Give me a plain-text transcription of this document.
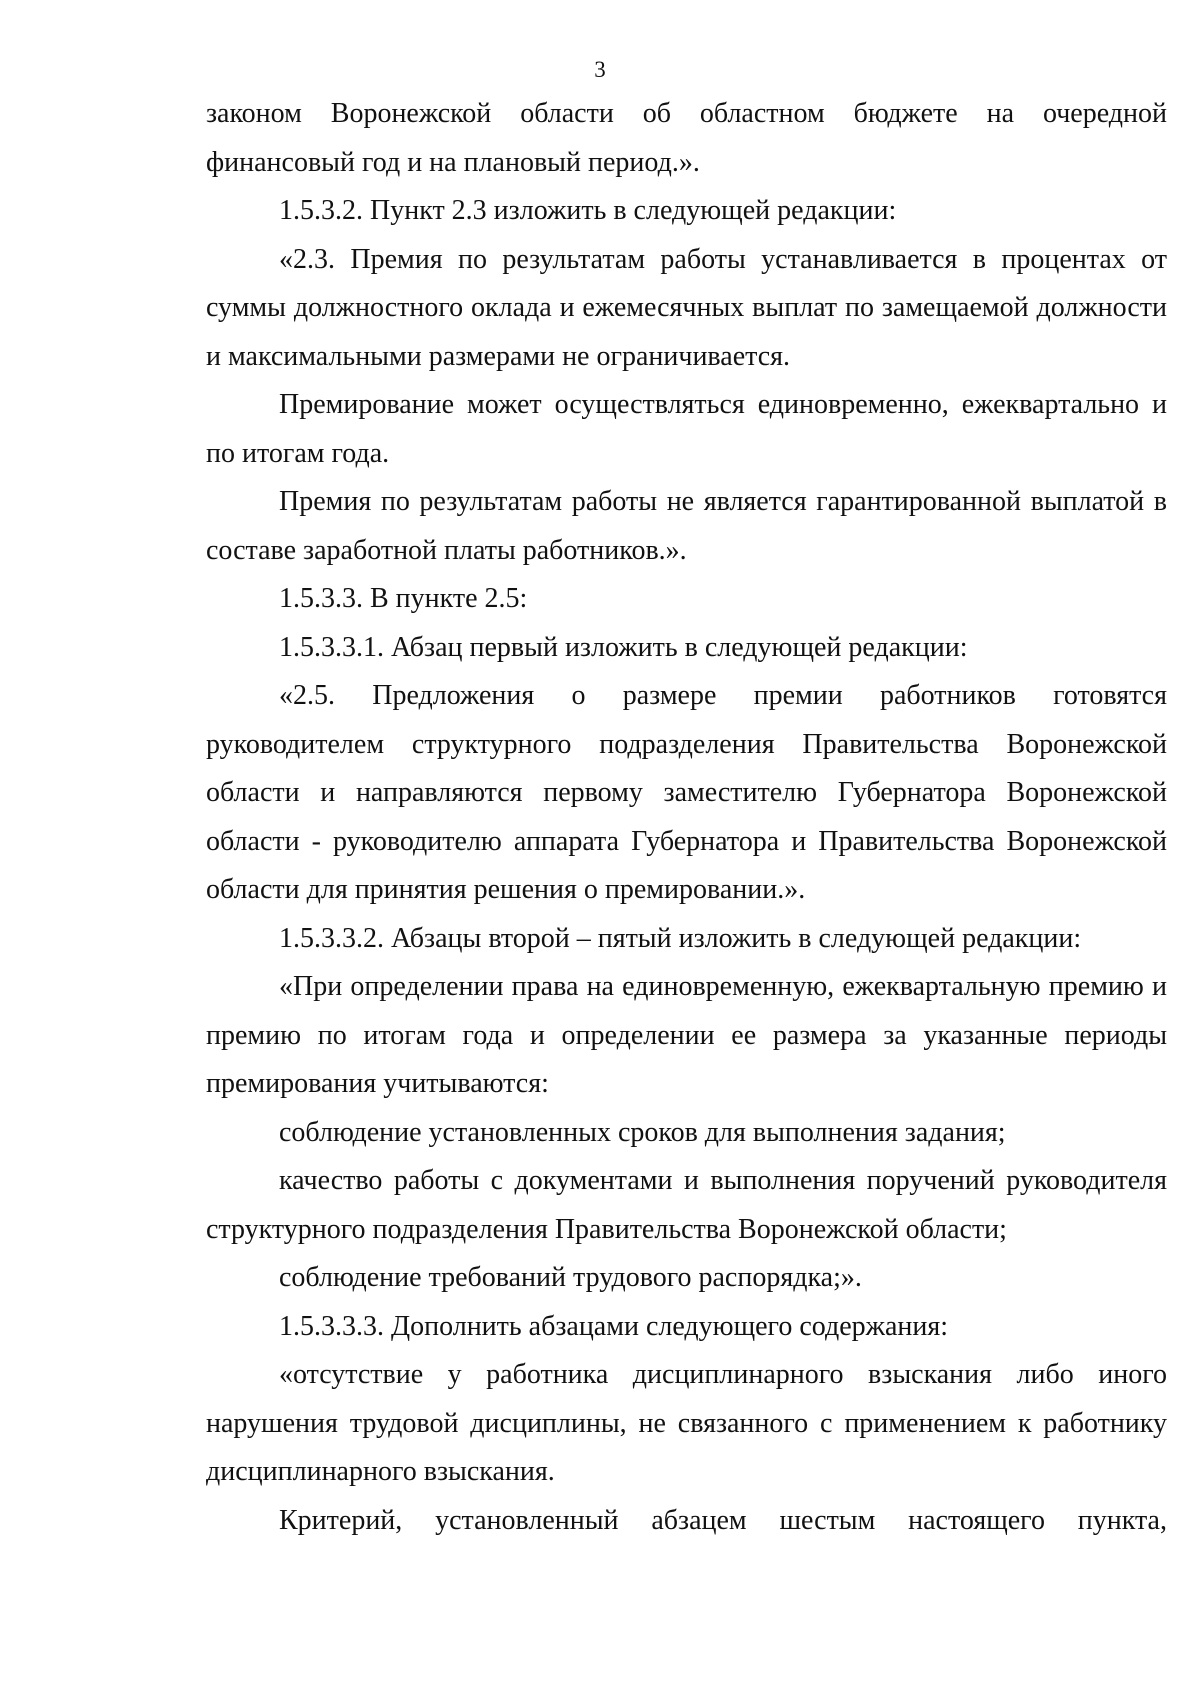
3

законом Воронежской области об областном бюджете на очередной финансовый год и на плановый период.».

1.5.3.2. Пункт 2.3 изложить в следующей редакции:

«2.3. Премия по результатам работы устанавливается в процентах от суммы должностного оклада и ежемесячных выплат по замещаемой должности и максимальными размерами не ограничивается.

Премирование может осуществляться единовременно, ежеквартально и по итогам года.

Премия по результатам работы не является гарантированной выплатой в составе заработной платы работников.».

1.5.3.3. В пункте 2.5:

1.5.3.3.1. Абзац первый изложить в следующей редакции:

«2.5. Предложения о размере премии работников готовятся руководителем структурного подразделения Правительства Воронежской области и направляются первому заместителю Губернатора Воронежской области - руководителю аппарата Губернатора и Правительства Воронежской области для принятия решения о премировании.».

1.5.3.3.2. Абзацы второй – пятый изложить в следующей редакции:

«При определении права на единовременную, ежеквартальную премию и премию по итогам года и определении ее размера за указанные периоды премирования учитываются:

соблюдение установленных сроков для выполнения задания;

качество работы с документами и выполнения поручений руководителя структурного подразделения Правительства Воронежской области;

соблюдение требований трудового распорядка;».

1.5.3.3.3. Дополнить абзацами следующего содержания:

«отсутствие у работника дисциплинарного взыскания либо иного нарушения трудовой дисциплины, не связанного с применением к работнику дисциплинарного взыскания.

Критерий, установленный абзацем шестым настоящего пункта,
